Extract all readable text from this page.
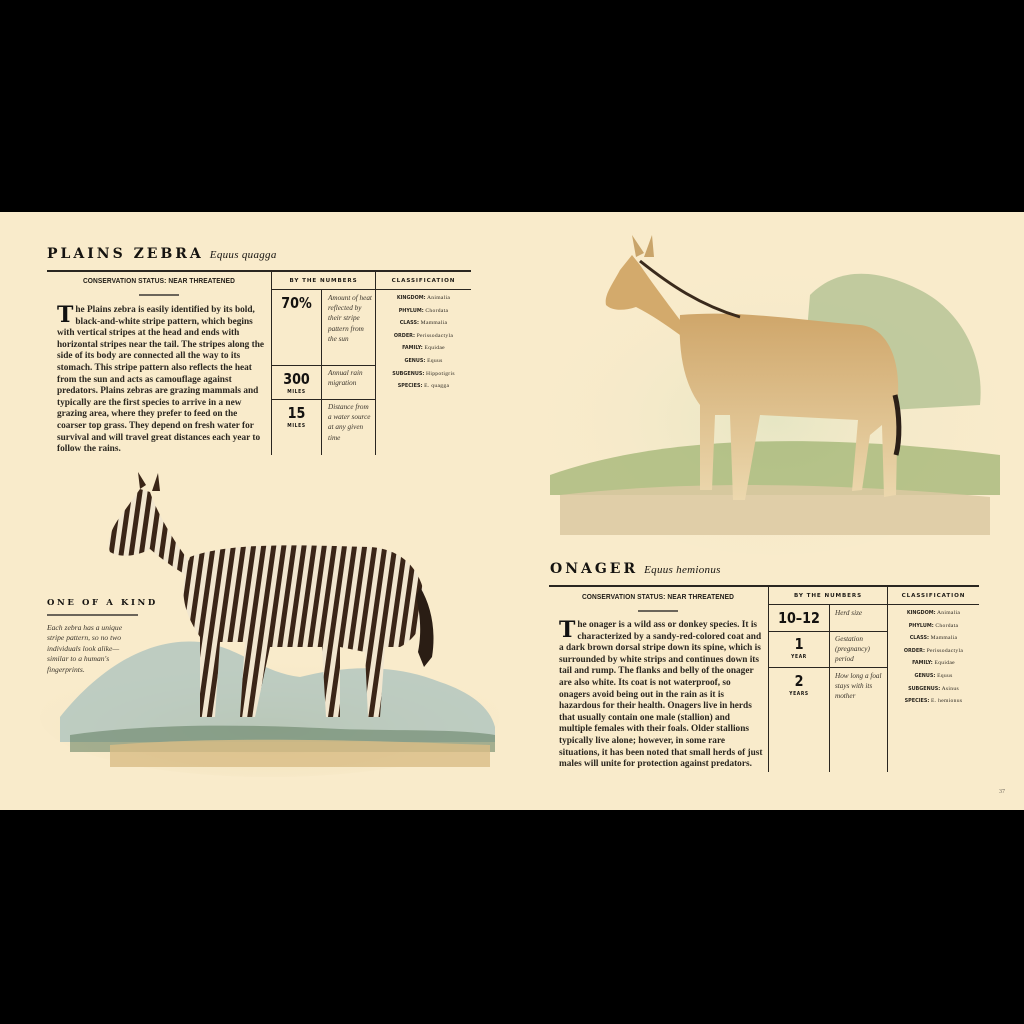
PLAINS ZEBRA Equus quagga
CONSERVATION STATUS: NEAR THREATENED
The Plains zebra is easily identified by its bold, black-and-white stripe pattern, which begins with vertical stripes at the head and ends with horizontal stripes near the tail. The stripes along the side of its body are connected all the way to its stomach. This stripe pattern also reflects the heat from the sun and acts as camouflage against predators. Plains zebras are grazing mammals and typically are the first species to arrive in a new grazing area, where they prefer to feed on the coarser top grass. They depend on fresh water for survival and will travel great distances each year to follow the rains.
BY THE NUMBERS
70%	Amount of heat reflected by their stripe pattern from the sun
300
MILES
Annual rain migration
15
MILES
Distance from a water source at any given time
CLASSIFICATION
KINGDOM: Animalia
PHYLUM: Chordata
CLASS: Mammalia
ORDER: Perissodactyla
FAMILY: Equidae
GENUS: Equus
SUBGENUS: Hippotigris
SPECIES: E. quagga
ONE OF A KIND
Each zebra has a unique stripe pattern, so no two individuals look alike—similar to a human's fingerprints.
ONAGER Equus hemionus
CONSERVATION STATUS: NEAR THREATENED
The onager is a wild ass or donkey species. It is characterized by a sandy-red-colored coat and a dark brown dorsal stripe down its spine, which is surrounded by white strips and continues down its tail and rump. The flanks and belly of the onager are also white. Its coat is not waterproof, so onagers avoid being out in the rain as it is hazardous for their health. Onagers live in herds that usually contain one male (stallion) and multiple females with their foals. Older stallions typically live alone; however, in some rare situations, it has been noted that small herds of just males will unite for protection against predators.
BY THE NUMBERS
10–12	Herd size
1
YEAR
Gestation (pregnancy) period
2
YEARS
How long a foal stays with its mother
CLASSIFICATION
KINGDOM: Animalia
PHYLUM: Chordata
CLASS: Mammalia
ORDER: Perissodactyla
FAMILY: Equidae
GENUS: Equus
SUBGENUS: Asinus
SPECIES: E. hemionus
37
